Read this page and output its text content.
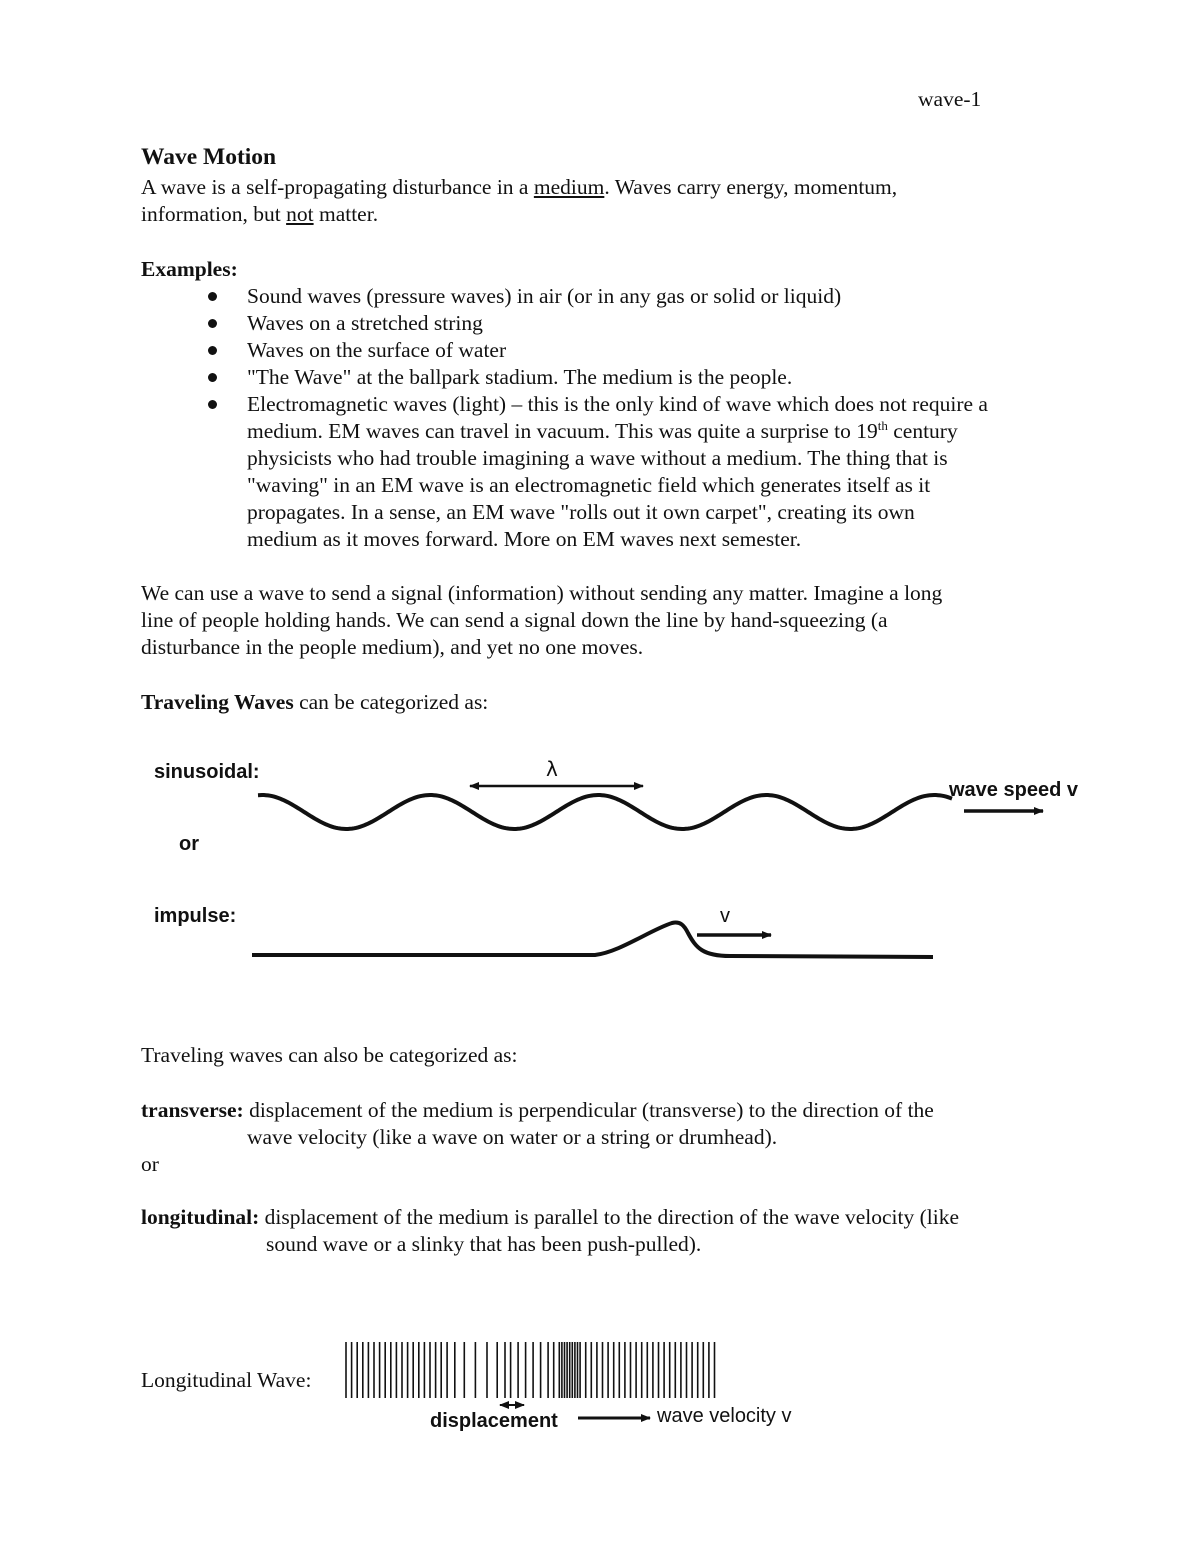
wave-1
Wave Motion
A wave is a self-propagating disturbance in a medium. Waves carry energy, momentum,
information, but not matter.
Examples:
Sound waves (pressure waves) in air (or in any gas or solid or liquid)
Waves on a stretched string
Waves on the surface of water
"The Wave" at the ballpark stadium. The medium is the people.
Electromagnetic waves (light) – this is the only kind of wave which does not require a
medium. EM waves can travel in vacuum. This was quite a surprise to 19th century
physicists who had trouble imagining a wave without a medium. The thing that is
"waving" in an EM wave is an electromagnetic field which generates itself as it
propagates. In a sense, an EM wave "rolls out it own carpet", creating its own
medium as it moves forward. More on EM waves next semester.
We can use a wave to send a signal (information) without sending any matter. Imagine a long
line of people holding hands. We can send a signal down the line by hand-squeezing (a
disturbance in the people medium), and yet no one moves.
Traveling Waves can be categorized as:
sinusoidal:
or
impulse:
λ
wave speed v
v
Traveling waves can also be categorized as:
transverse: displacement of the medium is perpendicular (transverse) to the direction of the
wave velocity (like a wave on water or a string or drumhead).
or
longitudinal: displacement of the medium is parallel to the direction of the wave velocity (like
sound wave or a slinky that has been push-pulled).
Longitudinal Wave:
displacement	wave velocity v
